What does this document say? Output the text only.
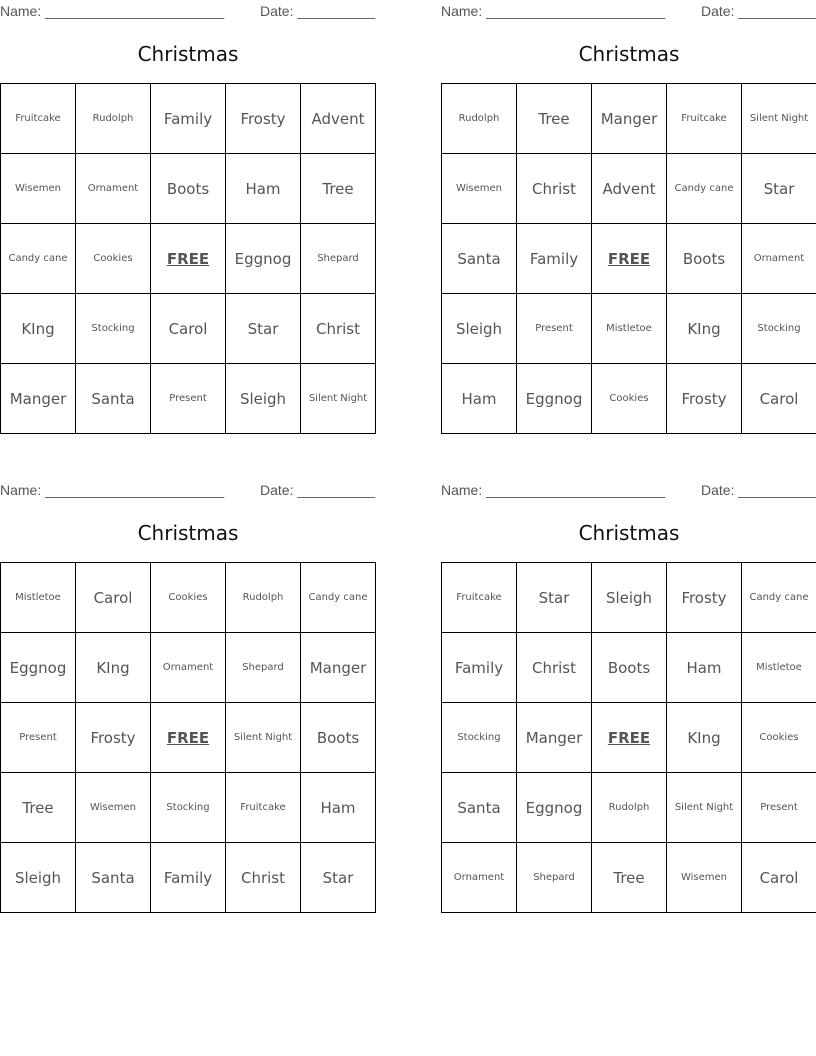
Name: _______________________	Date: __________
Christmas
Fruitcake	Rudolph	Family	Frosty	Advent
Wisemen	Ornament	Boots	Ham	Tree
Candy cane	Cookies	FREE	Eggnog	Shepard
KIng	Stocking	Carol	Star	Christ
Manger	Santa	Present	Sleigh	Silent Night
Name: _______________________	Date: __________
Christmas
Rudolph	Tree	Manger	Fruitcake	Silent Night
Wisemen	Christ	Advent	Candy cane	Star
Santa	Family	FREE	Boots	Ornament
Sleigh	Present	Mistletoe	KIng	Stocking
Ham	Eggnog	Cookies	Frosty	Carol
Name: _______________________	Date: __________
Christmas
Mistletoe	Carol	Cookies	Rudolph	Candy cane
Eggnog	KIng	Ornament	Shepard	Manger
Present	Frosty	FREE	Silent Night	Boots
Tree	Wisemen	Stocking	Fruitcake	Ham
Sleigh	Santa	Family	Christ	Star
Name: _______________________	Date: __________
Christmas
Fruitcake	Star	Sleigh	Frosty	Candy cane
Family	Christ	Boots	Ham	Mistletoe
Stocking	Manger	FREE	KIng	Cookies
Santa	Eggnog	Rudolph	Silent Night	Present
Ornament	Shepard	Tree	Wisemen	Carol
